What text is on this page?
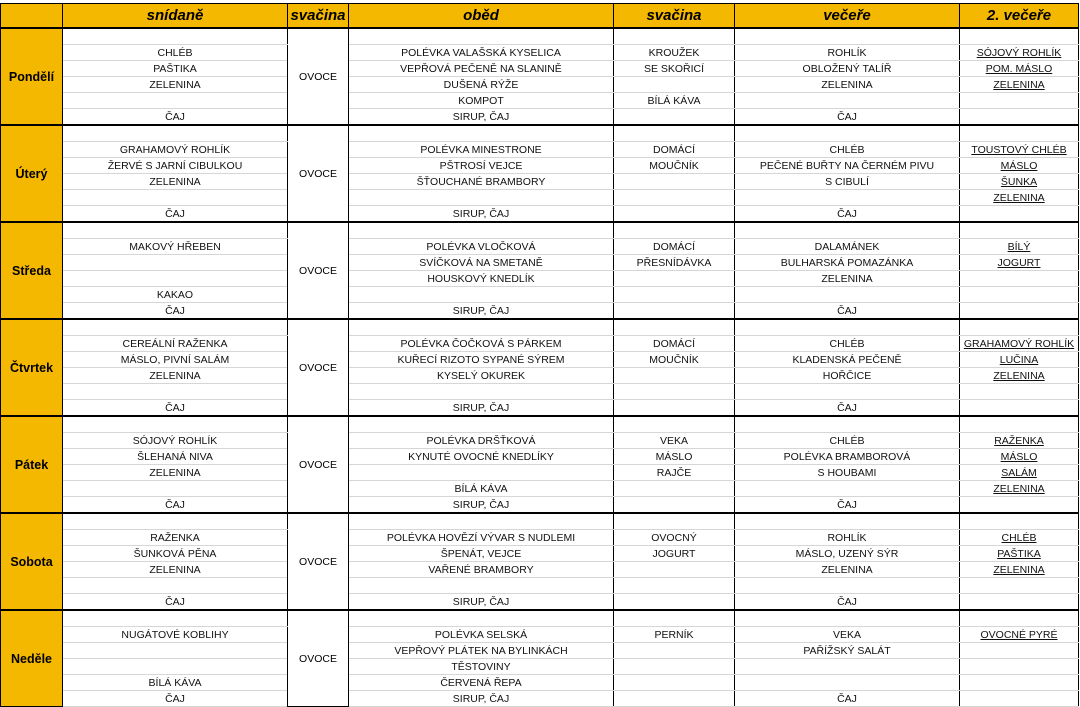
	snídaně	svačina	oběd	svačina	večeře	2. večeře
Pondělí		OVOCE				
	CHLÉB		POLÉVKA VALAŠSKÁ KYSELICA	KROUŽEK	ROHLÍK	SÓJOVÝ ROHLÍK
	PAŠTIKA		VEPŘOVÁ PEČENĚ NA SLANINĚ	SE SKOŘICÍ	OBLOŽENÝ TALÍŘ	POM. MÁSLO
	ZELENINA		DUŠENÁ RÝŽE		ZELENINA	ZELENINA
			KOMPOT	BÍLÁ KÁVA		
	ČAJ		SIRUP, ČAJ		ČAJ	
Úterý		OVOCE				
	GRAHAMOVÝ ROHLÍK		POLÉVKA MINESTRONE	DOMÁCÍ	CHLÉB	TOUSTOVÝ CHLÉB
	ŽERVÉ S JARNÍ CIBULKOU		PŠTROSÍ VEJCE	MOUČNÍK	PEČENÉ BUŘTY NA ČERNÉM PIVU	MÁSLO
	ZELENINA		ŠŤOUCHANÉ BRAMBORY		S CIBULÍ	ŠUNKA
						ZELENINA
	ČAJ		SIRUP, ČAJ		ČAJ	
Středa		OVOCE				
	MAKOVÝ HŘEBEN		POLÉVKA VLOČKOVÁ	DOMÁCÍ	DALAMÁNEK	BÍLÝ
			SVÍČKOVÁ NA SMETANĚ	PŘESNÍDÁVKA	BULHARSKÁ POMAZÁNKA	JOGURT
			HOUSKOVÝ KNEDLÍK		ZELENINA	
	KAKAO					
	ČAJ		SIRUP, ČAJ		ČAJ	
Čtvrtek		OVOCE				
	CEREÁLNÍ RAŽENKA		POLÉVKA ČOČKOVÁ S PÁRKEM	DOMÁCÍ	CHLÉB	GRAHAMOVÝ ROHLÍK
	MÁSLO, PIVNÍ SALÁM		KUŘECÍ RIZOTO SYPANÉ SÝREM	MOUČNÍK	KLADENSKÁ PEČENĚ	LUČINA
	ZELENINA		KYSELÝ OKUREK		HOŘČICE	ZELENINA

	ČAJ		SIRUP, ČAJ		ČAJ	
Pátek		OVOCE				
	SÓJOVÝ ROHLÍK		POLÉVKA DRŠŤKOVÁ	VEKA	CHLÉB	RAŽENKA
	ŠLEHANÁ NIVA		KYNUTÉ OVOCNÉ KNEDLÍKY	MÁSLO	POLÉVKA BRAMBOROVÁ	MÁSLO
	ZELENINA			RAJČE	S HOUBAMI	SALÁM
			BÍLÁ KÁVA			ZELENINA
	ČAJ		SIRUP, ČAJ		ČAJ	
Sobota		OVOCE				
	RAŽENKA		POLÉVKA HOVĚZÍ VÝVAR S NUDLEMI	OVOCNÝ	ROHLÍK	CHLÉB
	ŠUNKOVÁ PĚNA		ŠPENÁT, VEJCE	JOGURT	MÁSLO, UZENÝ SÝR	PAŠTIKA
	ZELENINA		VAŘENÉ BRAMBORY		ZELENINA	ZELENINA

	ČAJ		SIRUP, ČAJ		ČAJ	
Neděle		OVOCE				
	NUGÁTOVÉ KOBLIHY		POLÉVKA SELSKÁ	PERNÍK	VEKA	OVOCNÉ PYRÉ
			VEPŘOVÝ PLÁTEK NA BYLINKÁCH		PAŘÍŽSKÝ SALÁT	
			TĚSTOVINY			
	BÍLÁ KÁVA		ČERVENÁ ŘEPA			
	ČAJ		SIRUP, ČAJ		ČAJ	
